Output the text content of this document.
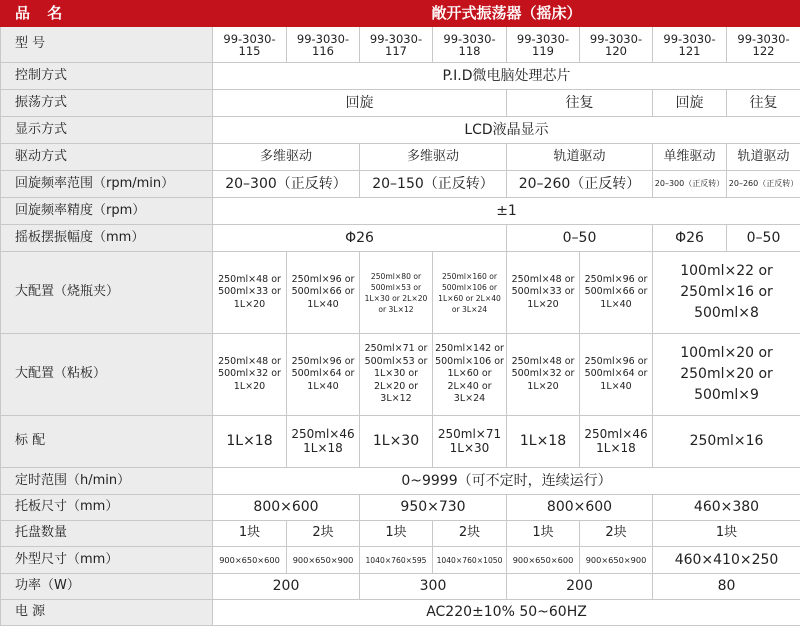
品 名	敞开式振荡器（摇床）							
型 号	99-3030-115	99-3030-116	99-3030-117	99-3030-118	99-3030-119	99-3030-120	99-3030-121	99-3030-122
控制方式	P.I.D微电脑处理芯片							
振荡方式	回旋				往复		回旋	往复
显示方式	LCD液晶显示							
驱动方式	多维驱动		多维驱动		轨道驱动		单维驱动	轨道驱动
回旋频率范围（rpm/min）	20–300（正反转）		20–150（正反转）		20–260（正反转）		20–300（正反转）	20–260（正反转）
回旋频率精度（rpm）	±1							
摇板摆振幅度（mm）	Φ26				0–50		Φ26	0–50
大配置（烧瓶夹）	250ml×48 or
500ml×33 or
1L×20	250ml×96 or
500ml×66 or
1L×40	250ml×80 or
500ml×53 or
1L×30 or 2L×20
or 3L×12	250ml×160 or
500ml×106 or
1L×60 or 2L×40
or 3L×24	250ml×48 or
500ml×33 or
1L×20	250ml×96 or
500ml×66 or
1L×40	100ml×22 or
250ml×16 or
500ml×8	

大配置（粘板）	250ml×48 or
500ml×32 or
1L×20	250ml×96 or
500ml×64 or
1L×40	250ml×71 or
500ml×53 or
1L×30 or
2L×20 or
3L×12	250ml×142 or
500ml×106 or
1L×60 or
2L×40 or
3L×24	250ml×48 or
500ml×32 or
1L×20	250ml×96 or
500ml×64 or
1L×40	100ml×20 or
250ml×20 or
500ml×9	

标 配	1L×18	250ml×46
1L×18	1L×30	250ml×71
1L×30	1L×18	250ml×46
1L×18	250ml×16	

定时范围（h/min）	0~9999（可不定时，连续运行）							
托板尺寸（mm）	800×600		950×730		800×600		460×380	
托盘数量	1块	2块	1块	2块	1块	2块	1块	
外型尺寸（mm）	900×650×600	900×650×900	1040×760×595	1040×760×1050	900×650×600	900×650×900	460×410×250	
功率（W）	200		300		200		80	
电 源	AC220±10% 50~60HZ							
